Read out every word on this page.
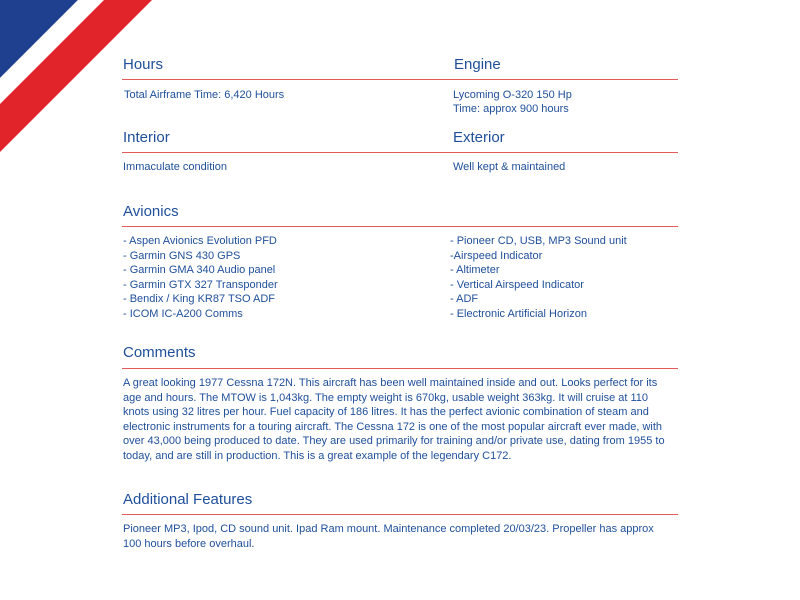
Hours

Total Airframe Time: 6,420 Hours

Engine

Lycoming O-320 150 Hp

Time: approx 900 hours

Interior

Immaculate condition

Exterior

Well kept & maintained

Avionics
- Aspen Avionics Evolution PFD
- Garmin GNS 430 GPS
- Garmin GMA 340 Audio panel
- Garmin GTX 327 Transponder
- Bendix / King KR87 TSO ADF
- ICOM IC-A200 Comms
- Pioneer CD, USB, MP3 Sound unit
-Airspeed Indicator
- Altimeter
- Vertical Airspeed Indicator
- ADF
- Electronic Artificial Horizon
Comments

A great looking 1977 Cessna 172N. This aircraft has been well maintained inside and out. Looks perfect for its age and hours. The MTOW is 1,043kg. The empty weight is 670kg, usable weight 363kg. It will cruise at 110 knots using 32 litres per hour. Fuel capacity of 186 litres. It has the perfect avionic combination of steam and electronic instruments for a touring aircraft. The Cessna 172 is one of the most popular aircraft ever made, with over 43,000 being produced to date. They are used primarily for training and/or private use, dating from 1955 to today, and are still in production. This is a great example of the legendary C172.

Additional Features

Pioneer MP3, Ipod, CD sound unit. Ipad Ram mount. Maintenance completed 20/03/23. Propeller has approx 100 hours before overhaul.
